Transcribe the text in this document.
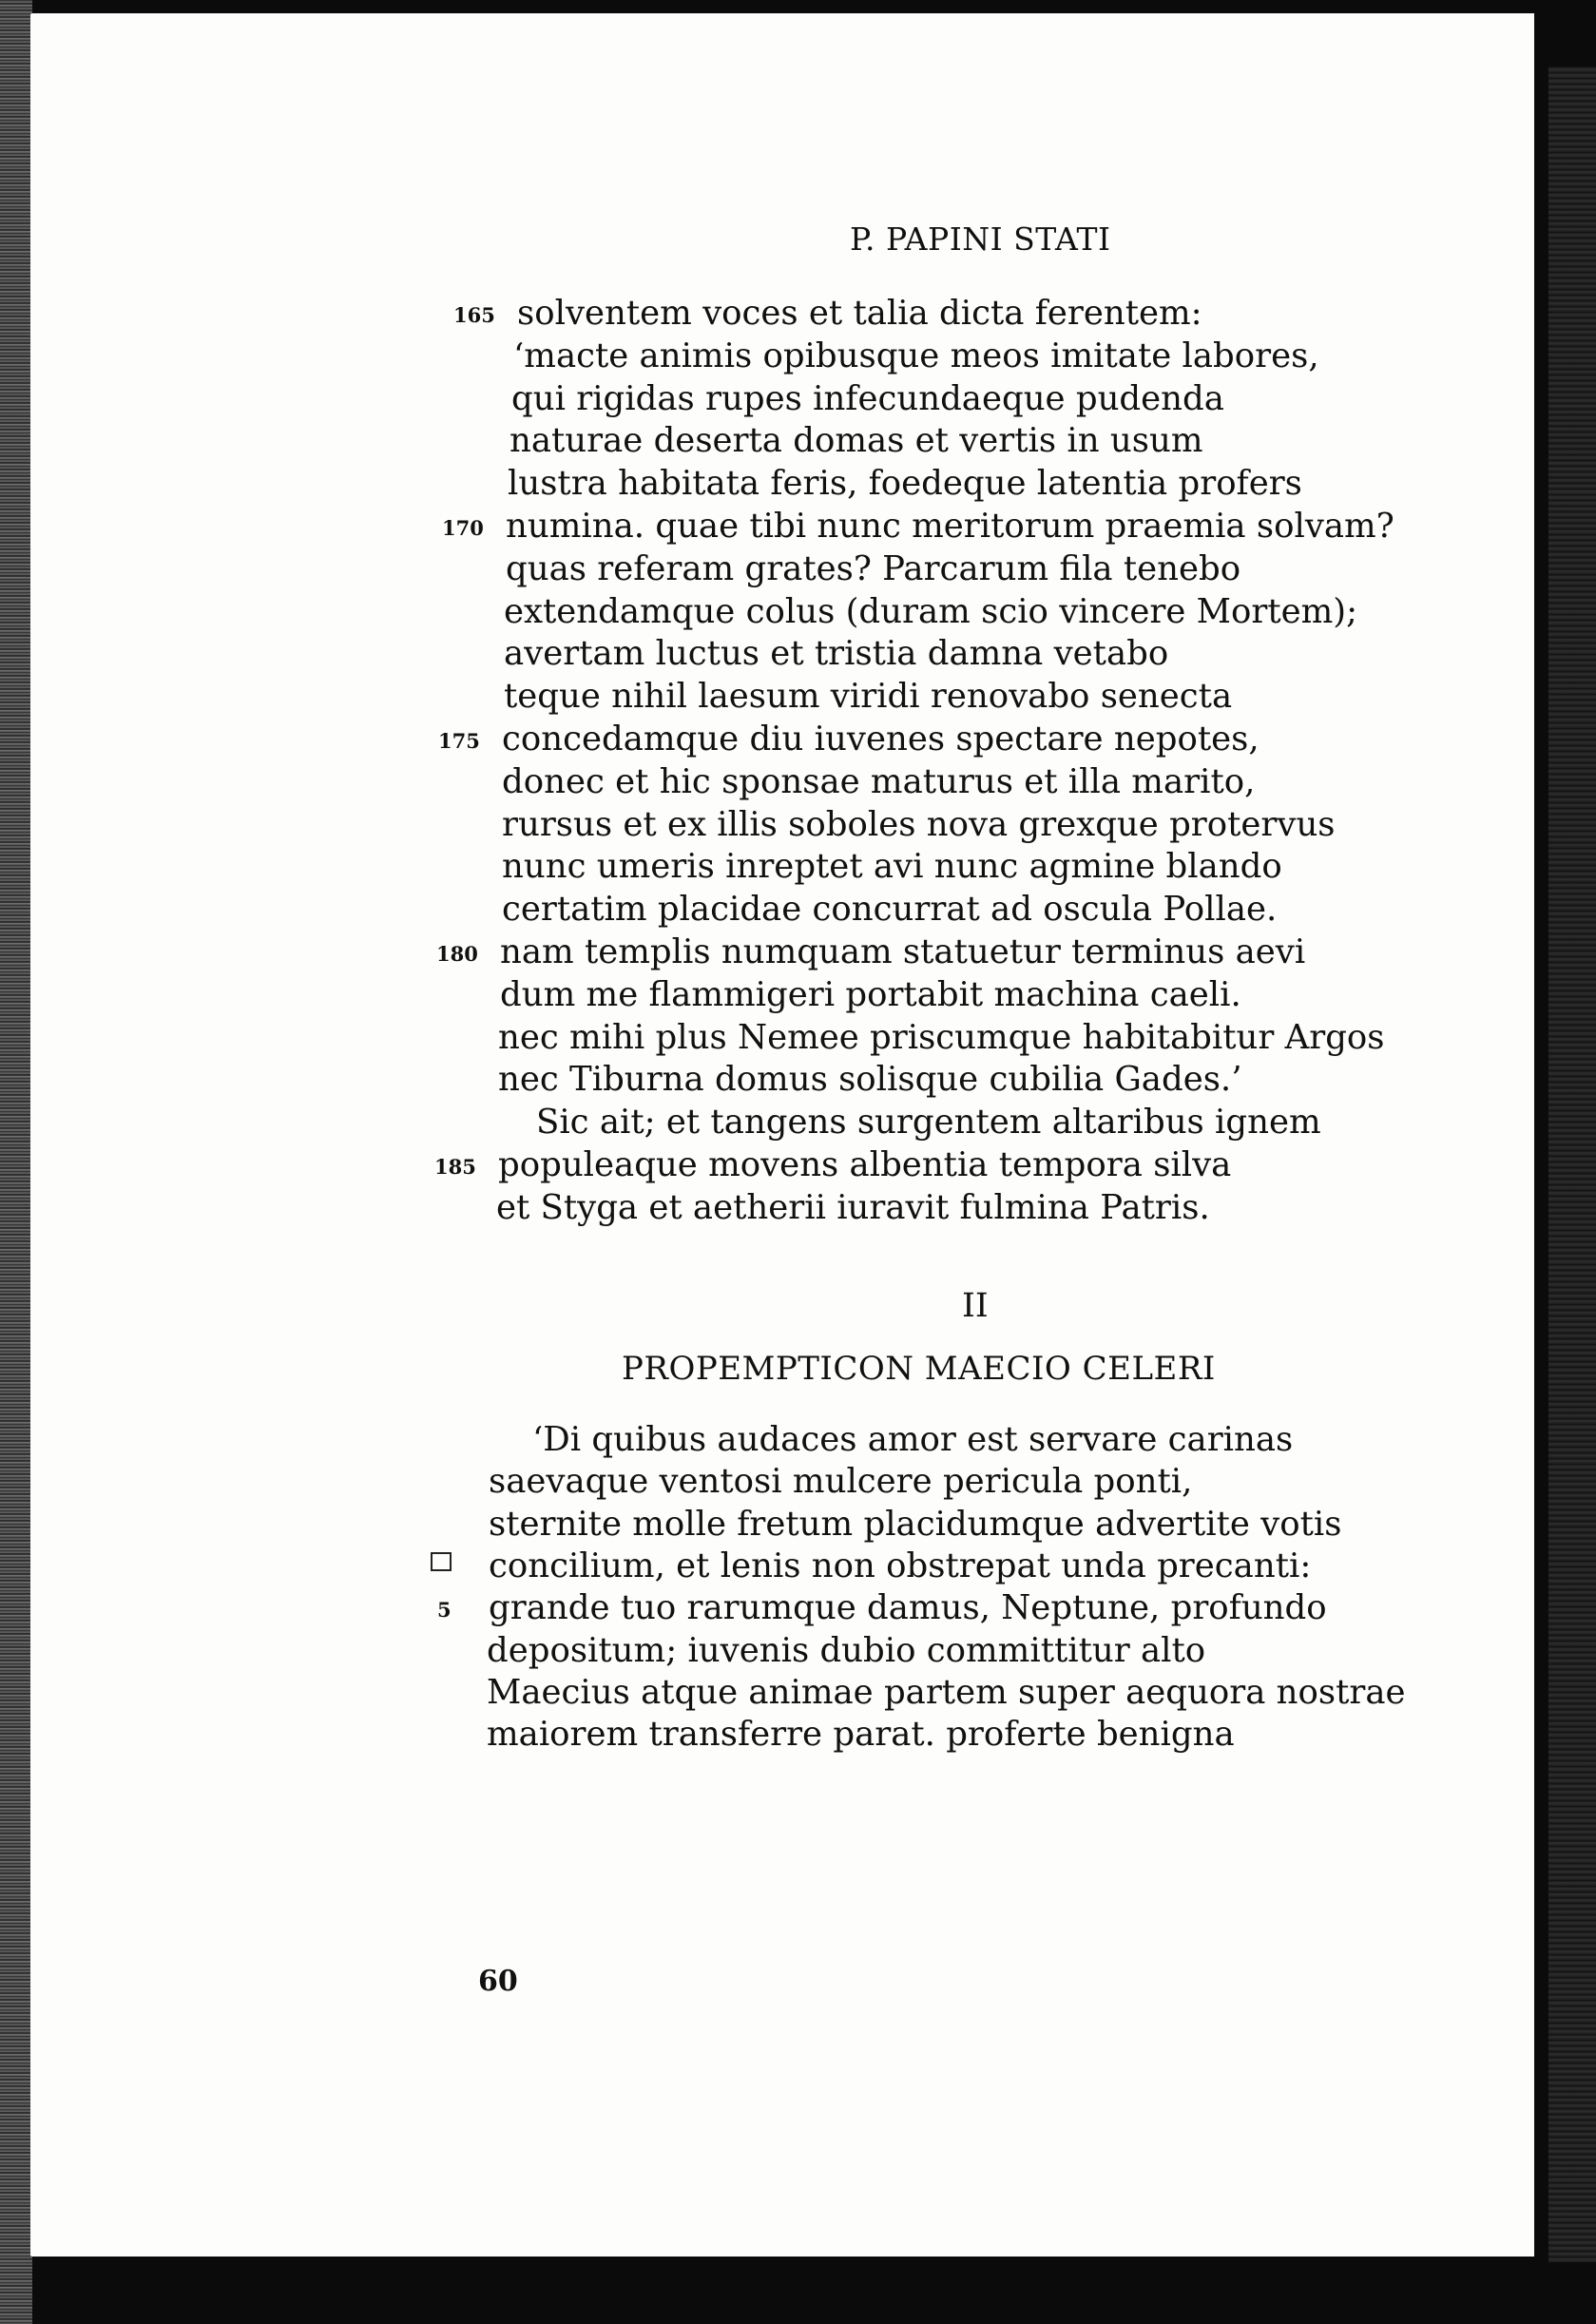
P. PAPINI STATI
solventem voces et talia dicta ferentem:
165
‘macte animis opibusque meos imitate labores,
qui rigidas rupes infecundaeque pudenda
naturae deserta domas et vertis in usum
lustra habitata feris, foedeque latentia profers
numina. quae tibi nunc meritorum praemia solvam?
170
quas referam grates? Parcarum fila tenebo
extendamque colus (duram scio vincere Mortem);
avertam luctus et tristia damna vetabo
teque nihil laesum viridi renovabo senecta
concedamque diu iuvenes spectare nepotes,
175
donec et hic sponsae maturus et illa marito,
rursus et ex illis soboles nova grexque protervus
nunc umeris inreptet avi nunc agmine blando
certatim placidae concurrat ad oscula Pollae.
nam templis numquam statuetur terminus aevi
180
dum me flammigeri portabit machina caeli.
nec mihi plus Nemee priscumque habitabitur Argos
nec Tiburna domus solisque cubilia Gades.’
Sic ait; et tangens surgentem altaribus ignem
populeaque movens albentia tempora silva
185
et Styga et aetherii iuravit fulmina Patris.
II
PROPEMPTICON MAECIO CELERI
‘Di quibus audaces amor est servare carinas
saevaque ventosi mulcere pericula ponti,
sternite molle fretum placidumque advertite votis
concilium, et lenis non obstrepat unda precanti:
grande tuo rarumque damus, Neptune, profundo
5
depositum; iuvenis dubio committitur alto
Maecius atque animae partem super aequora nostrae
maiorem transferre parat. proferte benigna
60
